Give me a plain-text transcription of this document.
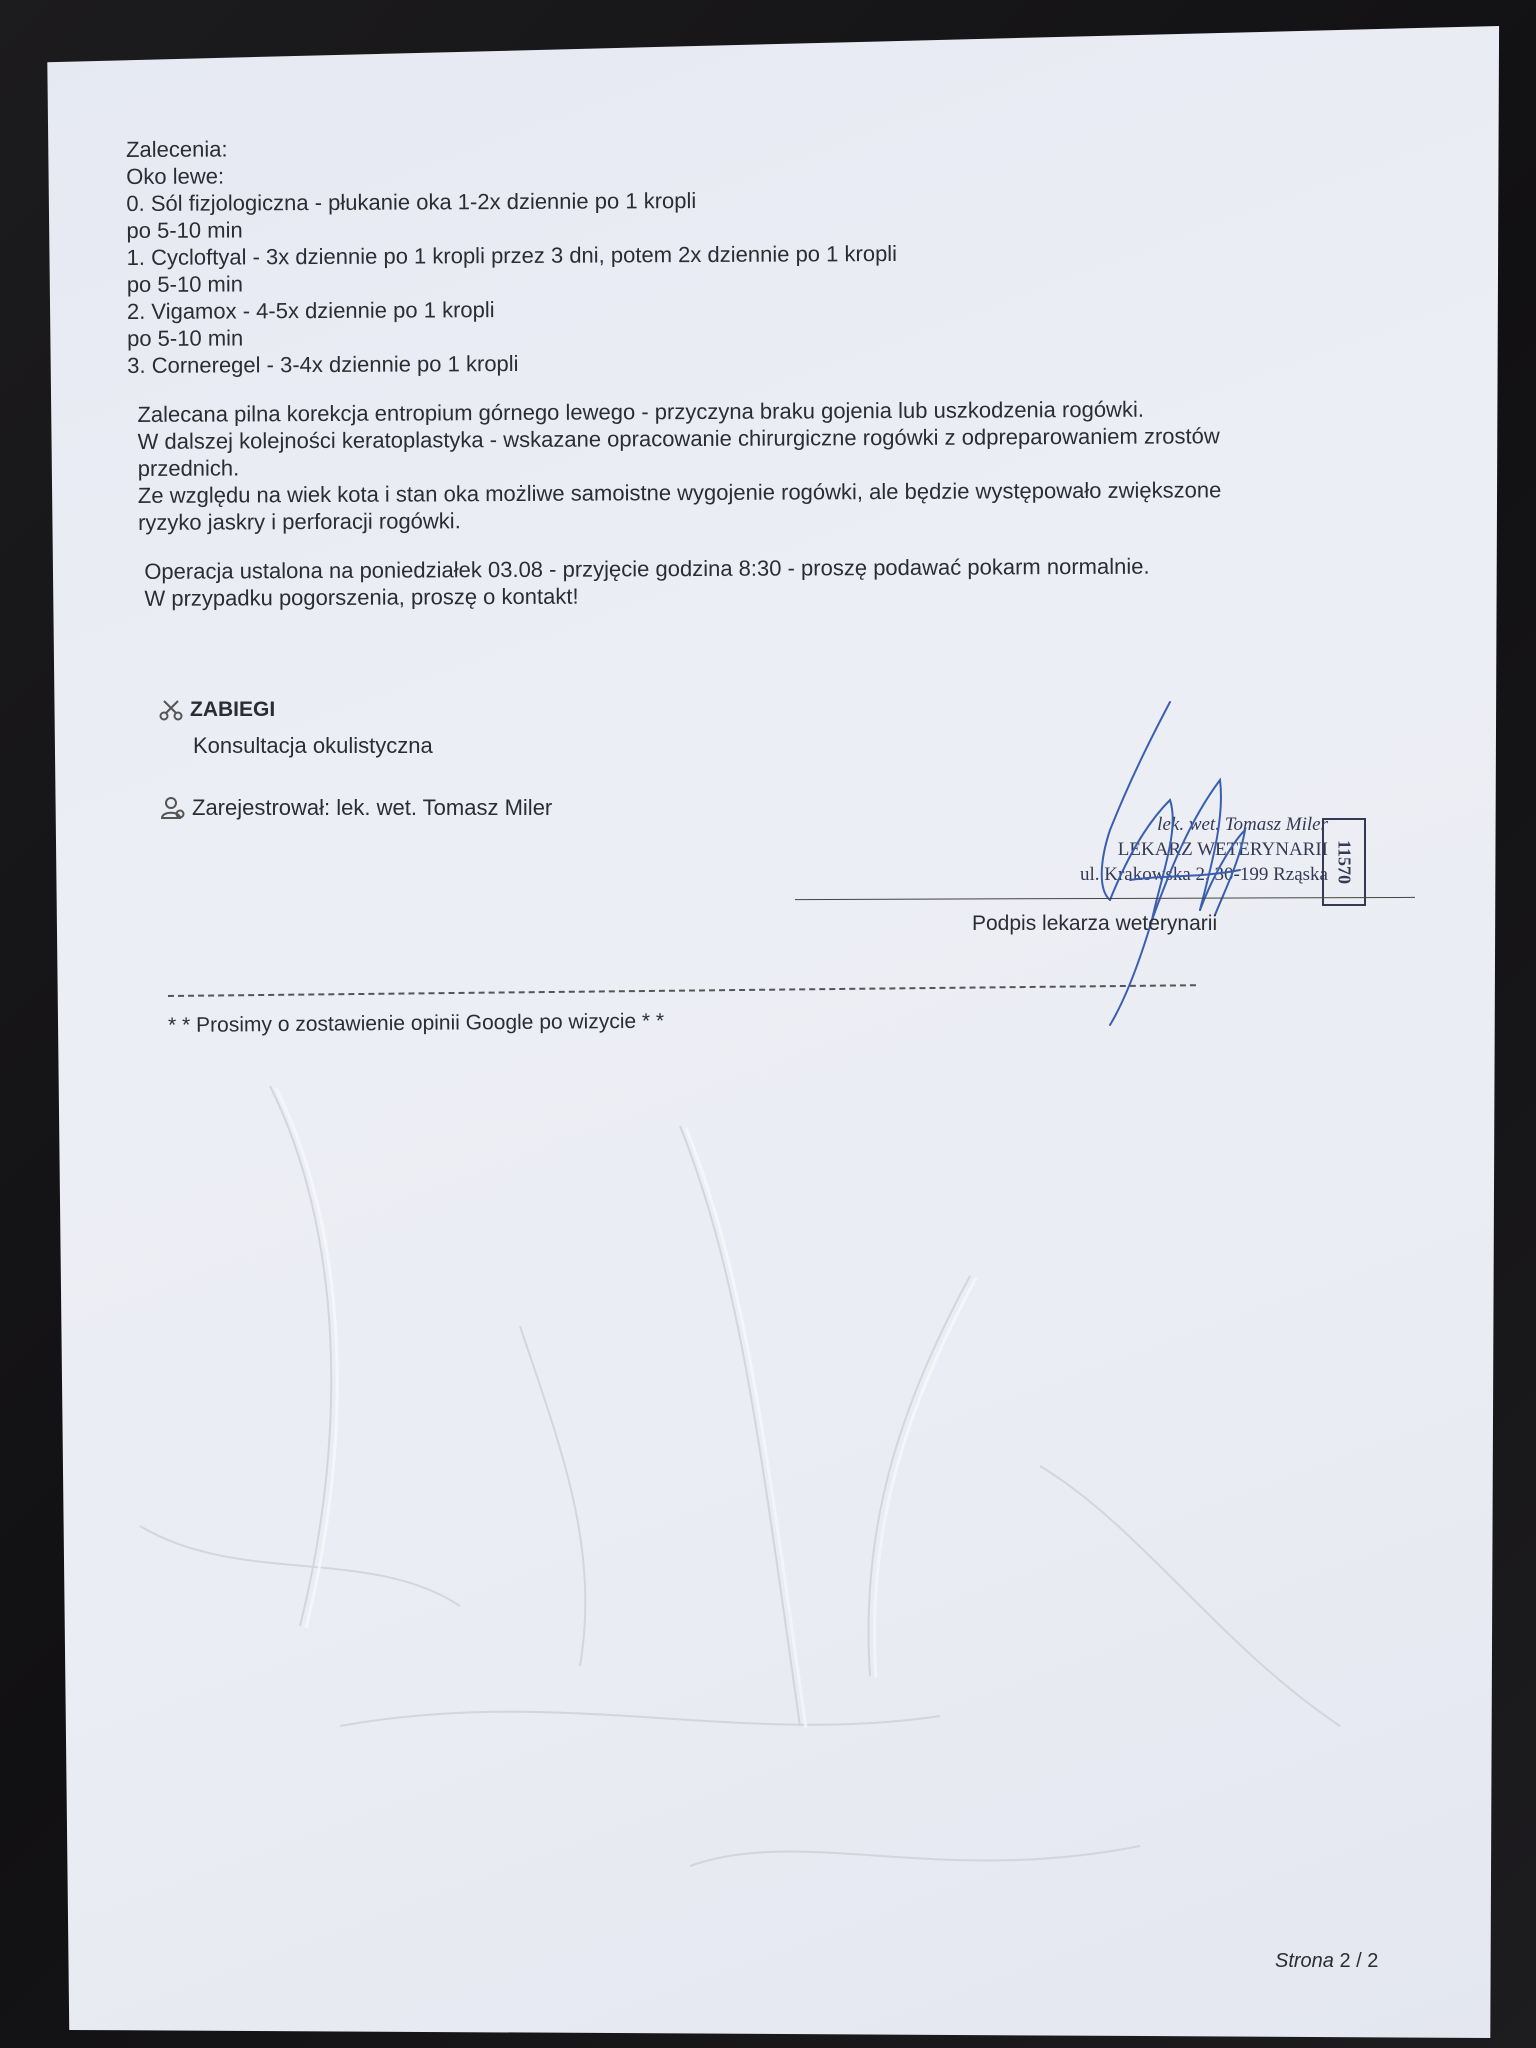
Zalecenia:

Oko lewe:

0. Sól fizjologiczna - płukanie oka 1-2x dziennie po 1 kropli

po 5-10 min

1. Cycloftyal - 3x dziennie po 1 kropli przez 3 dni, potem 2x dziennie po 1 kropli

po 5-10 min

2. Vigamox - 4-5x dziennie po 1 kropli

po 5-10 min

3. Corneregel - 3-4x dziennie po 1 kropli

Zalecana pilna korekcja entropium górnego lewego - przyczyna braku gojenia lub uszkodzenia rogówki.

W dalszej kolejności keratoplastyka - wskazane opracowanie chirurgiczne rogówki z odpreparowaniem zrostów

przednich.

Ze względu na wiek kota i stan oka możliwe samoistne wygojenie rogówki, ale będzie występowało zwiększone

ryzyko jaskry i perforacji rogówki.

Operacja ustalona na poniedziałek 03.08 - przyjęcie godzina 8:30 - proszę podawać pokarm normalnie.

W przypadku pogorszenia, proszę o kontakt!

ZABIEGI
Konsultacja okulistyczna
Zarejestrował: lek. wet. Tomasz Miler
lek. wet. Tomasz Miler
LEKARZ WETERYNARII
ul. Krakowska 2, 30-199 Rząska 11570
Podpis lekarza weterynarii
* * Prosimy o zostawienie opinii Google po wizycie * *
Strona 2 / 2
